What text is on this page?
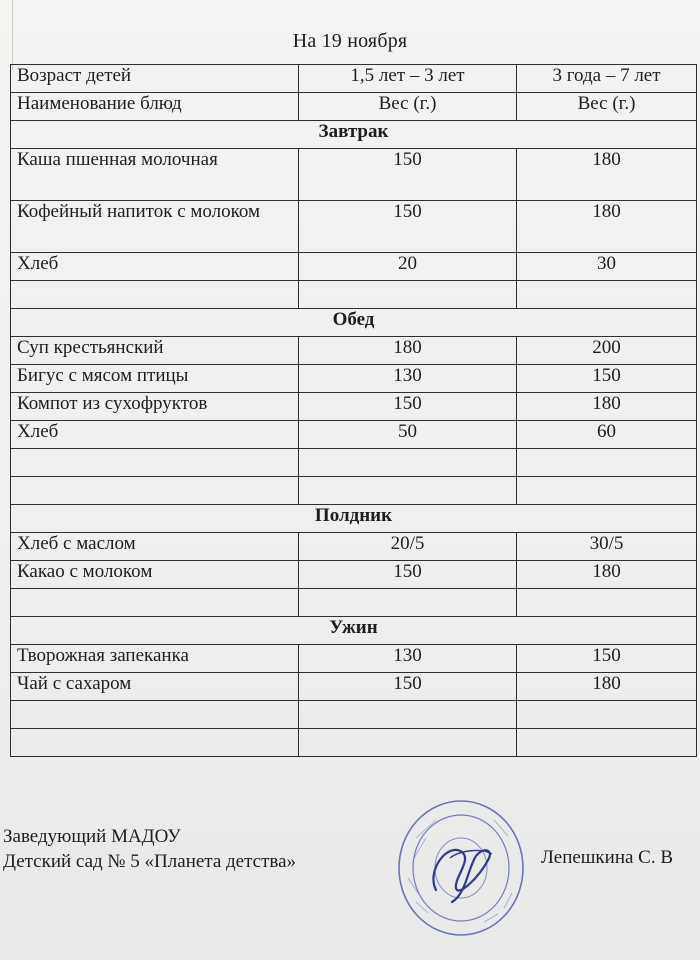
На 19 ноября
Возраст детей	1,5 лет – 3 лет	3 года – 7 лет
Наименование блюд	Вес (г.)	Вес (г.)
Завтрак		
Каша пшенная молочная	150	180
Кофейный напиток с молоком	150	180
Хлеб	20	30

Обед		
Суп крестьянский	180	200
Бигус с мясом птицы	130	150
Компот из сухофруктов	150	180
Хлеб	50	60

Полдник		
Хлеб с маслом	20/5	30/5
Какао с молоком	150	180

Ужин		
Творожная запеканка	130	150
Чай с сахаром	150	180

Заведующий МАДОУ
Детский сад № 5 «Планета детства»	Лепешкина С. В
